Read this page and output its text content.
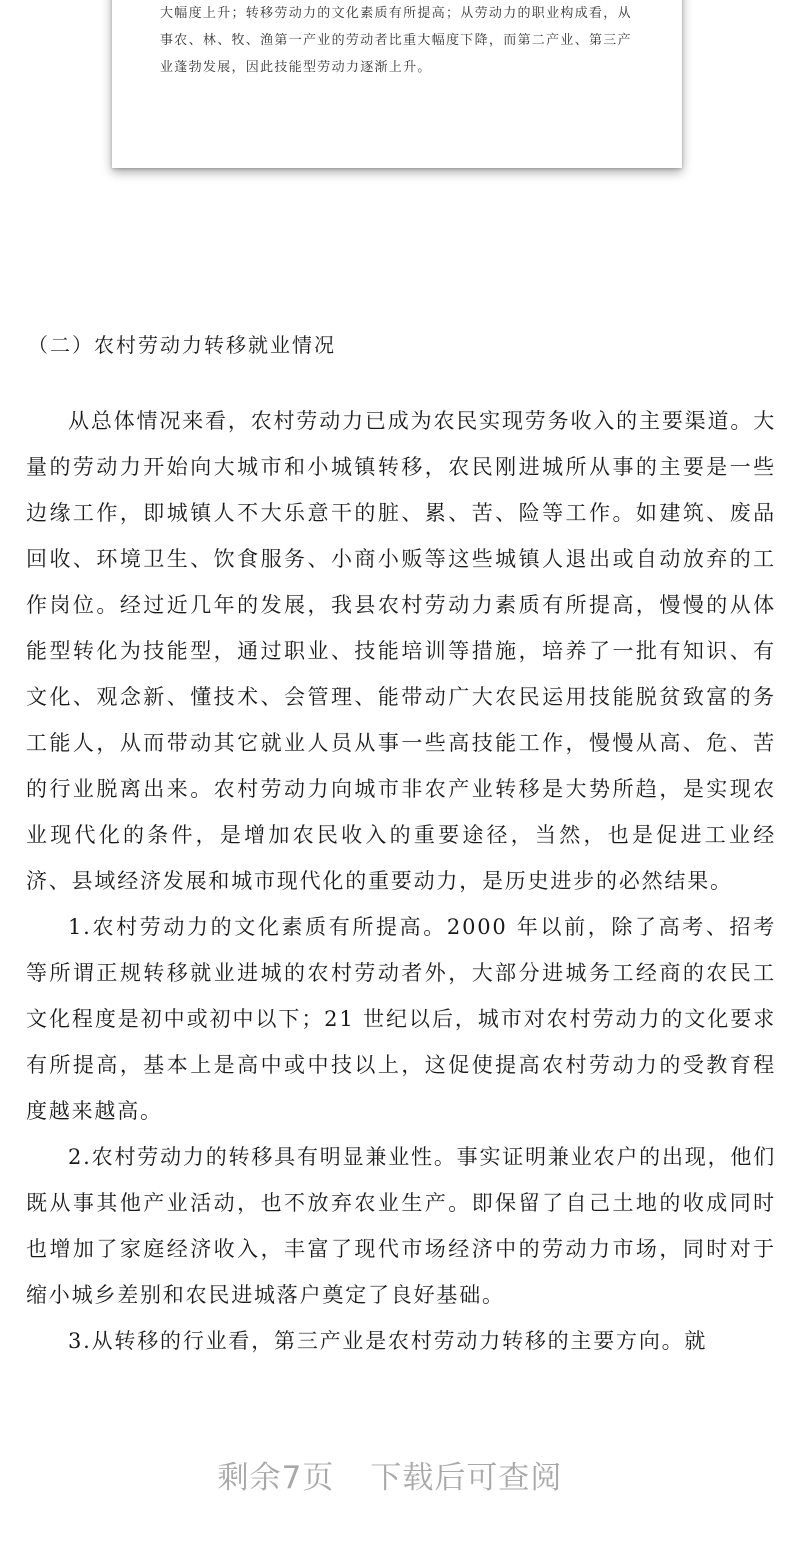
大幅度上升；转移劳动力的文化素质有所提高；从劳动力的职业构成看，从事农、林、牧、渔第一产业的劳动者比重大幅度下降，而第二产业、第三产业蓬勃发展，因此技能型劳动力逐渐上升。

（二）农村劳动力转移就业情况

从总体情况来看，农村劳动力已成为农民实现劳务收入的主要渠道。大量的劳动力开始向大城市和小城镇转移，农民刚进城所从事的主要是一些边缘工作，即城镇人不大乐意干的脏、累、苦、险等工作。如建筑、废品回收、环境卫生、饮食服务、小商小贩等这些城镇人退出或自动放弃的工作岗位。经过近几年的发展，我县农村劳动力素质有所提高，慢慢的从体能型转化为技能型，通过职业、技能培训等措施，培养了一批有知识、有文化、观念新、懂技术、会管理、能带动广大农民运用技能脱贫致富的务工能人，从而带动其它就业人员从事一些高技能工作，慢慢从高、危、苦的行业脱离出来。农村劳动力向城市非农产业转移是大势所趋，是实现农业现代化的条件，是增加农民收入的重要途径，当然，也是促进工业经济、县域经济发展和城市现代化的重要动力，是历史进步的必然结果。

1.农村劳动力的文化素质有所提高。2000 年以前，除了高考、招考等所谓正规转移就业进城的农村劳动者外，大部分进城务工经商的农民工文化程度是初中或初中以下；21 世纪以后，城市对农村劳动力的文化要求有所提高，基本上是高中或中技以上，这促使提高农村劳动力的受教育程度越来越高。

2.农村劳动力的转移具有明显兼业性。事实证明兼业农户的出现，他们既从事其他产业活动，也不放弃农业生产。即保留了自己土地的收成同时也增加了家庭经济收入，丰富了现代市场经济中的劳动力市场，同时对于缩小城乡差别和农民进城落户奠定了良好基础。

3.从转移的行业看，第三产业是农村劳动力转移的主要方向。就

剩余7页 下载后可查阅
